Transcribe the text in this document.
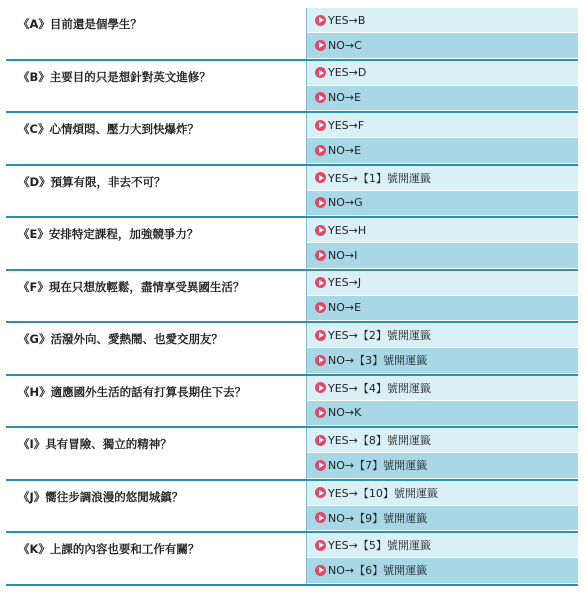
《A》目前還是個學生？	YES→B
NO→C
《B》主要目的只是想針對英文進修？	YES→D
NO→E
《C》心情煩悶、壓力大到快爆炸？	YES→F
NO→E
《D》預算有限，非去不可？	YES→【1】號開運籤
NO→G
《E》安排特定課程，加強競爭力？	YES→H
NO→I
《F》現在只想放輕鬆，盡情享受異國生活？	YES→J
NO→E
《G》活潑外向、愛熱鬧、也愛交朋友？	YES→【2】號開運籤
NO→【3】號開運籤
《H》適應國外生活的話有打算長期住下去？	YES→【4】號開運籤
NO→K
《I》具有冒險、獨立的精神？	YES→【8】號開運籤
NO→【7】號開運籤
《J》嚮往步調浪漫的悠閒城鎮？	YES→【10】號開運籤
NO→【9】號開運籤
《K》上課的內容也要和工作有關？	YES→【5】號開運籤
NO→【6】號開運籤
